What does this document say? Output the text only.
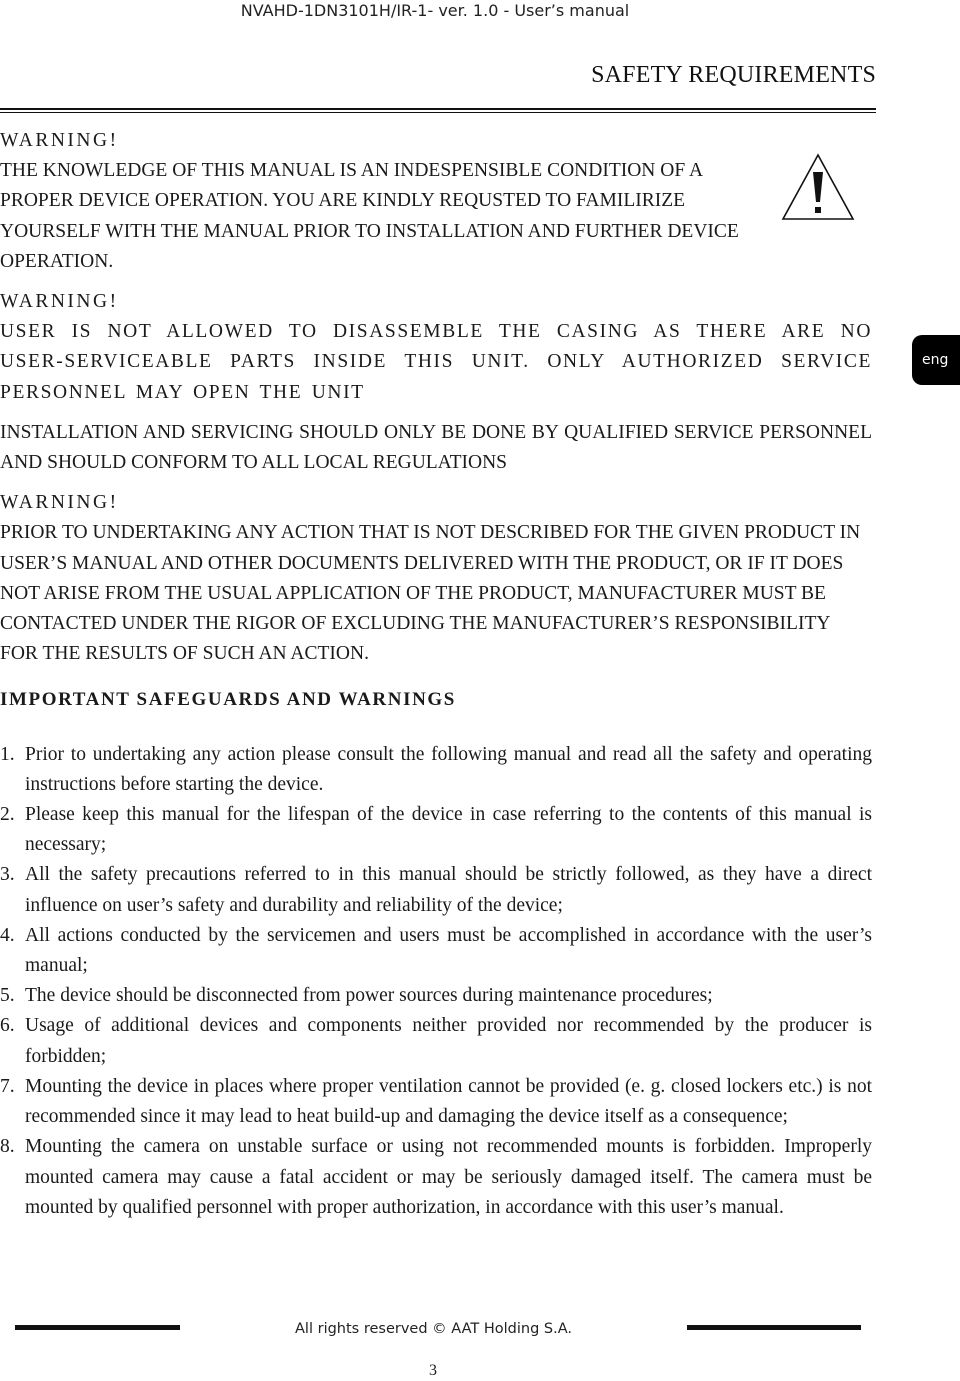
NVAHD-1DN3101H/IR-1- ver. 1.0 - User’s manual
SAFETY REQUIREMENTS
eng

WARNING!

THE KNOWLEDGE OF THIS MANUAL IS AN INDESPENSIBLE CONDITION OF A PROPER DEVICE OPERATION. YOU ARE KINDLY REQUSTED TO FAMILIRIZE YOURSELF WITH THE MANUAL PRIOR TO INSTALLATION AND FURTHER DEVICE OPERATION.

WARNING!

USER IS NOT ALLOWED TO DISASSEMBLE THE CASING AS THERE ARE NO USER-SERVICEABLE PARTS INSIDE THIS UNIT. ONLY AUTHORIZED SERVICE PERSONNEL MAY OPEN THE UNIT

INSTALLATION AND SERVICING SHOULD ONLY BE DONE BY QUALIFIED SERVICE PERSONNEL AND SHOULD CONFORM TO ALL LOCAL REGULATIONS

WARNING!

PRIOR TO UNDERTAKING ANY ACTION THAT IS NOT DESCRIBED FOR THE GIVEN PRODUCT IN USER’S MANUAL AND OTHER DOCUMENTS DELIVERED WITH THE PRODUCT, OR IF IT DOES NOT ARISE FROM THE USUAL APPLICATION OF THE PRODUCT, MANUFACTURER MUST BE CONTACTED UNDER THE RIGOR OF EXCLUDING THE MANUFACTURER’S RESPONSIBILITY FOR THE RESULTS OF SUCH AN ACTION.

IMPORTANT SAFEGUARDS AND WARNINGS

1. Prior to undertaking any action please consult the following manual and read all the safety and operating instructions before starting the device.
2. Please keep this manual for the lifespan of the device in case referring to the contents of this manual is necessary;
3. All the safety precautions referred to in this manual should be strictly followed, as they have a direct influence on user’s safety and durability and reliability of the device;
4. All actions conducted by the servicemen and users must be accomplished in accordance with the user’s manual;
5. The device should be disconnected from power sources during maintenance procedures;
6. Usage of additional devices and components neither provided nor recommended by the producer is forbidden;
7. Mounting the device in places where proper ventilation cannot be provided (e. g. closed lockers etc.) is not recommended since it may lead to heat build-up and damaging the device itself as a consequence;
8. Mounting the camera on unstable surface or using not recommended mounts is forbidden. Improperly mounted camera may cause a fatal accident or may be seriously damaged itself. The camera must be mounted by qualified personnel with proper authorization, in accordance with this user’s manual.
All rights reserved © AAT Holding S.A.
3
